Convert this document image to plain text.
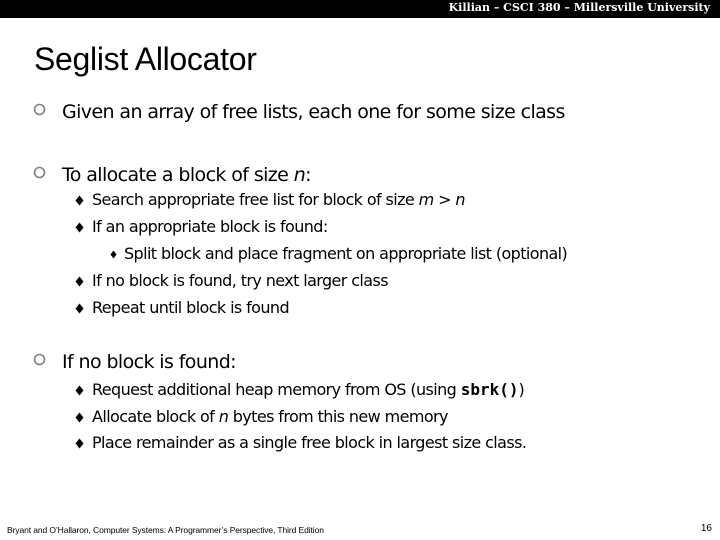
Killian – CSCI 380 – Millersville University
Seglist Allocator
Given an array of free lists, each one for some size class
To allocate a block of size n:
Search appropriate free list for block of size m > n
If an appropriate block is found:
Split block and place fragment on appropriate list (optional)
If no block is found, try next larger class
Repeat until block is found
If no block is found:
Request additional heap memory from OS (using sbrk())
Allocate block of n bytes from this new memory
Place remainder as a single free block in largest size class.
Bryant and O’Hallaron, Computer Systems: A Programmer’s Perspective, Third Edition	16
